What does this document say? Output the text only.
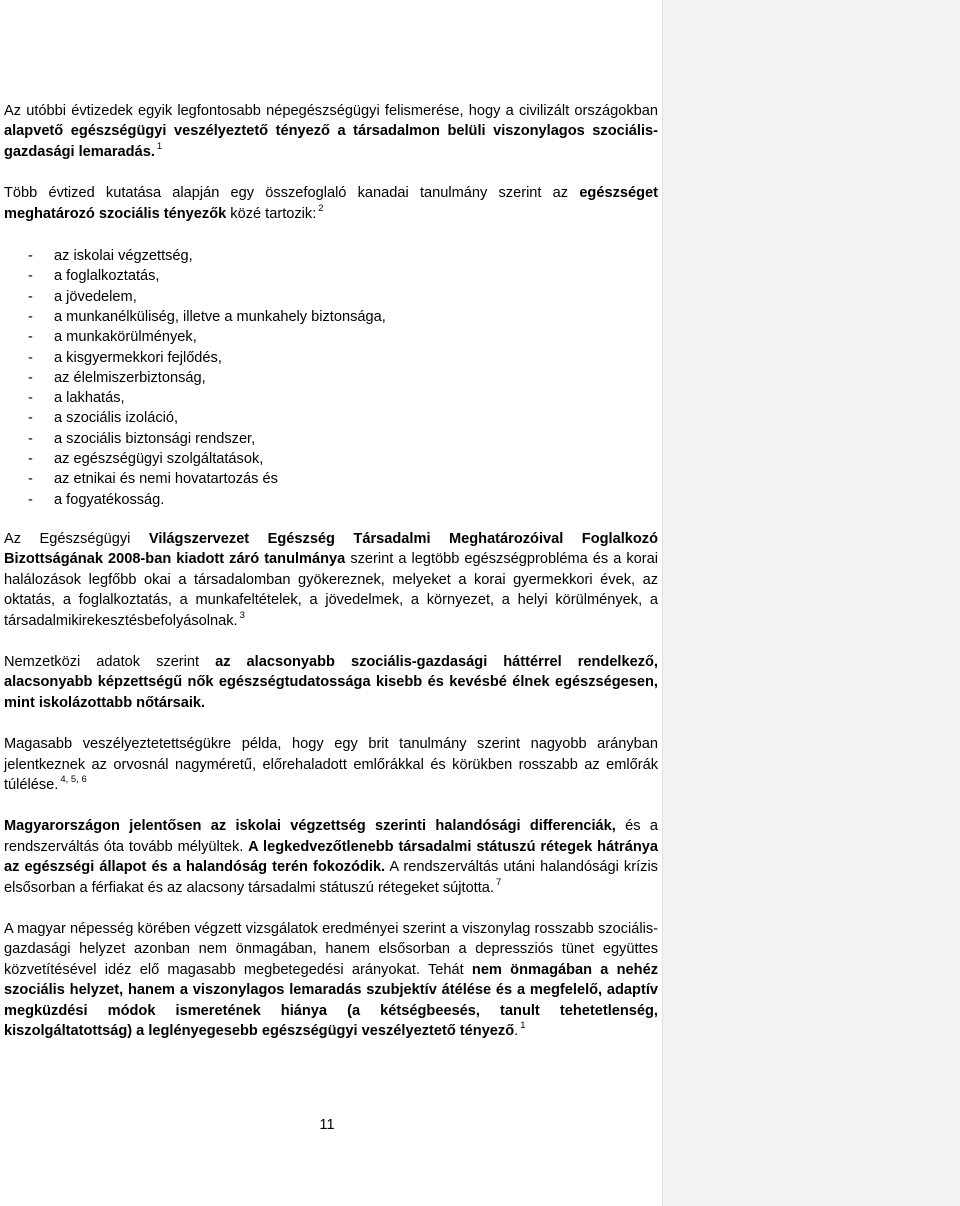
Az utóbbi évtizedek egyik legfontosabb népegészségügyi felismerése, hogy a civilizált országokban alapvető egészségügyi veszélyeztető tényező a társadalmon belüli viszonylagos szociális-gazdasági lemaradás. $^1$

Több évtized kutatása alapján egy összefoglaló kanadai tanulmány szerint az egészséget meghatározó szociális tényezők közé tartozik: $^2$

- az iskolai végzettség,
- a foglalkoztatás,
- a jövedelem,
- a munkanélküliség, illetve a munkahely biztonsága,
- a munkakörülmények,
- a kisgyermekkori fejlődés,
- az élelmiszerbiztonság,
- a lakhatás,
- a szociális izoláció,
- a szociális biztonsági rendszer,
- az egészségügyi szolgáltatások,
- az etnikai és nemi hovatartozás és
- a fogyatékosság.

Az Egészségügyi Világszervezet Egészség Társadalmi Meghatározóival Foglalkozó Bizottságának 2008-ban kiadott záró tanulmánya szerint a legtöbb egészségprobléma és a korai halálozások legfőbb okai a társadalomban gyökereznek, melyeket a korai gyermekkori évek, az oktatás, a foglalkoztatás, a munkafeltételek, a jövedelmek, a környezet, a helyi körülmények, a társadalmikirekesztésbefolyásolnak. $^3$

Nemzetközi adatok szerint az alacsonyabb szociális-gazdasági háttérrel rendelkező, alacsonyabb képzettségű nők egészségtudatossága kisebb és kevésbé élnek egészségesen, mint iskolázottabb nőtársaik.

Magasabb veszélyeztetettségükre példa, hogy egy brit tanulmány szerint nagyobb arányban jelentkeznek az orvosnál nagyméretű, előrehaladott emlőrákkal és körükben rosszabb az emlőrák túlélése. $^{4, 5, 6}$

Magyarországon jelentősen az iskolai végzettség szerinti halandósági differenciák, és a rendszerváltás óta tovább mélyültek. A legkedvezőtlenebb társadalmi státuszú rétegek hátránya az egészségi állapot és a halandóság terén fokozódik. A rendszerváltás utáni halandósági krízis elsősorban a férfiakat és az alacsony társadalmi státuszú rétegeket sújtotta. $^7$

A magyar népesség körében végzett vizsgálatok eredményei szerint a viszonylag rosszabb szociális-gazdasági helyzet azonban nem önmagában, hanem elsősorban a depressziós tünet együttes közvetítésével idéz elő magasabb megbetegedési arányokat. Tehát nem önmagában a nehéz szociális helyzet, hanem a viszonylagos lemaradás szubjektív átélése és a megfelelő, adaptív megküzdési módok ismeretének hiánya (a kétségbeesés, tanult tehetetlenség, kiszolgáltatottság) a leglényegesebb egészségügyi veszélyeztető tényező. $^1$

11
